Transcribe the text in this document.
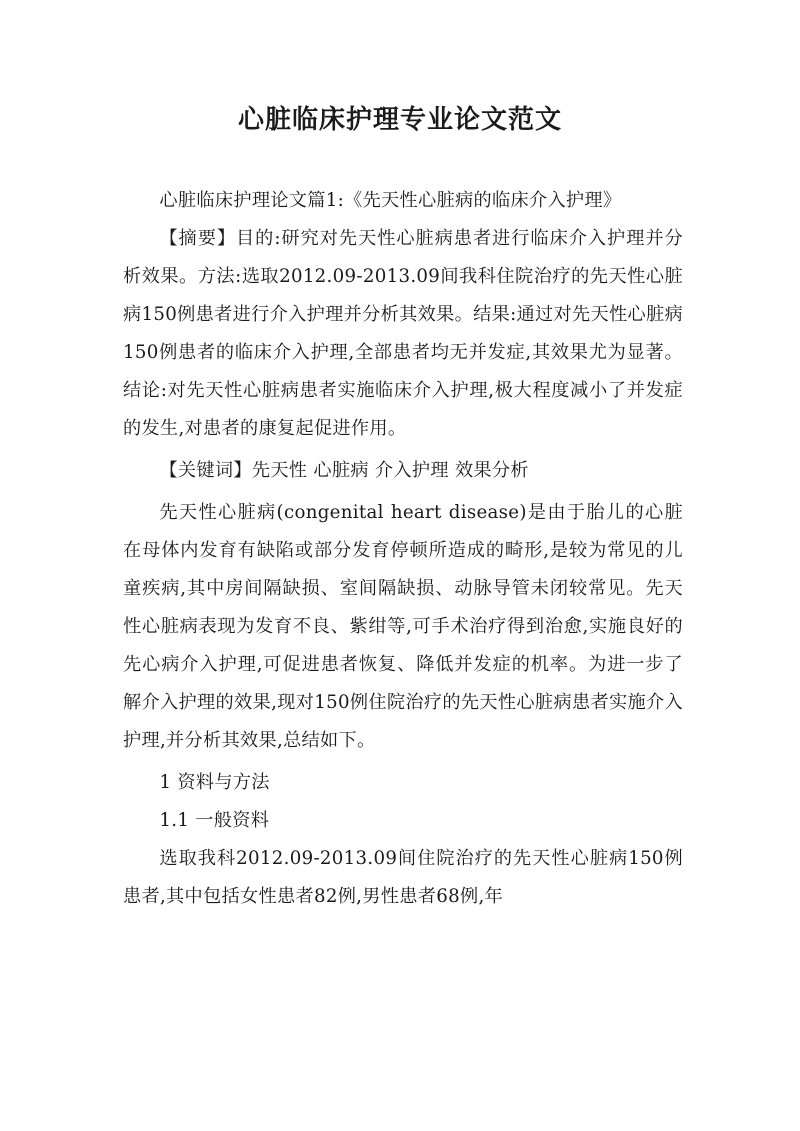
心脏临床护理专业论文范文

心脏临床护理论文篇1:《先天性心脏病的临床介入护理》

【摘要】目的:研究对先天性心脏病患者进行临床介入护理并分析效果。方法:选取2012.09-2013.09间我科住院治疗的先天性心脏病150例患者进行介入护理并分析其效果。结果:通过对先天性心脏病150例患者的临床介入护理,全部患者均无并发症,其效果尤为显著。结论:对先天性心脏病患者实施临床介入护理,极大程度减小了并发症的发生,对患者的康复起促进作用。

【关键词】先天性 心脏病 介入护理 效果分析

先天性心脏病(congenital heart disease)是由于胎儿的心脏在母体内发育有缺陷或部分发育停顿所造成的畸形,是较为常见的儿童疾病,其中房间隔缺损、室间隔缺损、动脉导管未闭较常见。先天性心脏病表现为发育不良、紫绀等,可手术治疗得到治愈,实施良好的先心病介入护理,可促进患者恢复、降低并发症的机率。为进一步了解介入护理的效果,现对150例住院治疗的先天性心脏病患者实施介入护理,并分析其效果,总结如下。

1 资料与方法

1.1 一般资料

选取我科2012.09-2013.09间住院治疗的先天性心脏病150例患者,其中包括女性患者82例,男性患者68例,年
